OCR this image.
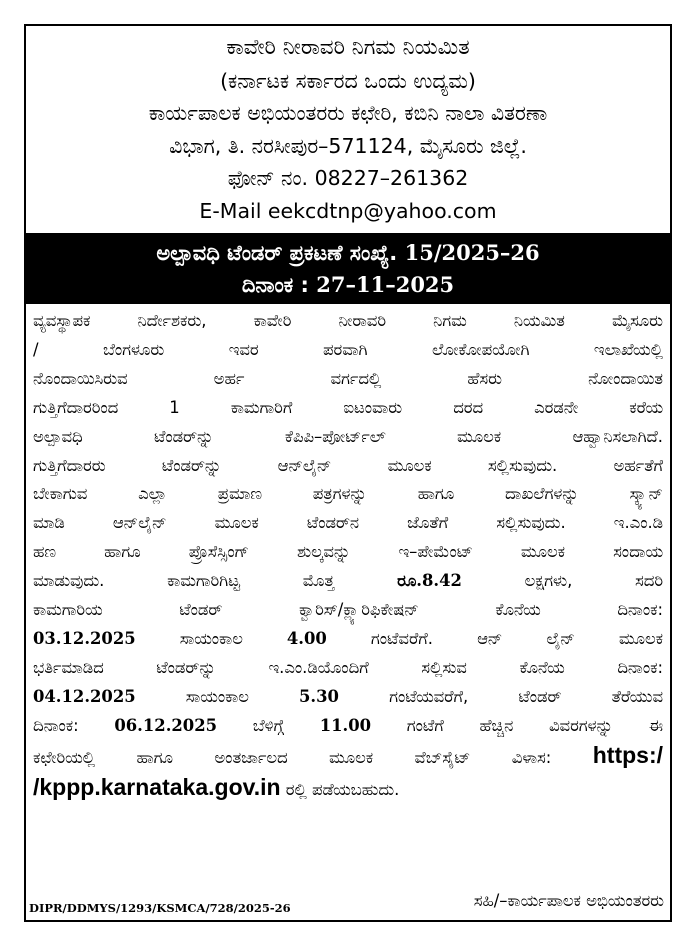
ಕಾವೇರಿ ನೀರಾವರಿ ನಿಗಮ ನಿಯಮಿತ
(ಕರ್ನಾಟಕ ಸರ್ಕಾರದ ಒಂದು ಉದ್ಯಮ)
ಕಾರ್ಯಪಾಲಕ ಅಭಿಯಂತರರು ಕಛೇರಿ, ಕಬಿನಿ ನಾಲಾ ವಿತರಣಾ
ವಿಭಾಗ, ತಿ. ನರಸೀಪುರ–571124, ಮೈಸೂರು ಜಿಲ್ಲೆ.
ಫೋನ್ ನಂ. 08227–261362
E-Mail eekcdtnp@yahoo.com
ಅಲ್ಪಾವಧಿ ಟೆಂಡರ್ ಪ್ರಕಟಣೆ ಸಂಖ್ಯೆ. 15/2025–26
ದಿನಾಂಕ : 27–11–2025

ವ್ಯವಸ್ಥಾಪಕ ನಿರ್ದೇಶಕರು, ಕಾವೇರಿ ನೀರಾವರಿ ನಿಗಮ ನಿಯಮಿತ ಮೈಸೂರು

/ ಬೆಂಗಳೂರು ಇವರ ಪರವಾಗಿ ಲೋಕೋಪಯೋಗಿ ಇಲಾಖೆಯಲ್ಲಿ

ನೊಂದಾಯಿಸಿರುವ ಅರ್ಹ ವರ್ಗದಲ್ಲಿ ಹೆಸರು ನೋಂದಾಯಿತ

ಗುತ್ತಿಗೆದಾರರಿಂದ 1 ಕಾಮಗಾರಿಗೆ ಐಟಂವಾರು ದರದ ಎರಡನೇ ಕರೆಯ

ಅಲ್ಪಾವಧಿ ಟೆಂಡರ್‌ನ್ನು ಕೆಪಿಪಿ–ಪೋರ್ಟ್‌ಲ್ ಮೂಲಕ ಆಹ್ವಾನಿಸಲಾಗಿದೆ.

ಗುತ್ತಿಗೆದಾರರು ಟೆಂಡರ್‌ನ್ನು ಆನ್‌ಲೈನ್ ಮೂಲಕ ಸಲ್ಲಿಸುವುದು. ಅರ್ಹತೆಗೆ

ಬೇಕಾಗುವ ಎಲ್ಲಾ ಪ್ರಮಾಣ ಪತ್ರಗಳನ್ನು ಹಾಗೂ ದಾಖಲೆಗಳನ್ನು ಸ್ಕ್ಯಾನ್

ಮಾಡಿ ಆನ್‌ಲೈನ್ ಮೂಲಕ ಟೆಂಡರ್‌ನ ಜೊತೆಗೆ ಸಲ್ಲಿಸುವುದು. ಇ.ಎಂ.ಡಿ

ಹಣ ಹಾಗೂ ಪ್ರೊಸೆಸ್ಸಿಂಗ್ ಶುಲ್ಕವನ್ನು ಇ–ಪೇಮೆಂಟ್ ಮೂಲಕ ಸಂದಾಯ

ಮಾಡುವುದು. ಕಾಮಗಾರಿಗಿಟ್ಟ ಮೊತ್ತ	ರೂ.8.42	ಲಕ್ಷಗಳು, ಸದರಿ

ಕಾಮಗಾರಿಯ ಟೆಂಡರ್ ಕ್ವಾರಿಸ್/ಕ್ಲ್ಯಾರಿಫಿಕೇಷನ್ ಕೊನೆಯ ದಿನಾಂಕ:

03.12.2025	ಸಾಯಂಕಾಲ	4.00	ಗಂಟೆವರೆಗೆ. ಆನ್ ಲೈನ್ ಮೂಲಕ

ಭರ್ತಿಮಾಡಿದ ಟೆಂಡರ್‌ನ್ನು ಇ.ಎಂ.ಡಿಯೊಂದಿಗೆ ಸಲ್ಲಿಸುವ ಕೊನೆಯ ದಿನಾಂಕ:

04.12.2025	ಸಾಯಂಕಾಲ	5.30	ಗಂಟೆಯವರೆಗೆ, ಟೆಂಡರ್ ತೆರೆಯುವ

ದಿನಾಂಕ: 06.12.2025 ಬೆಳಿಗ್ಗೆ 11.00 ಗಂಟೆಗೆ ಹೆಚ್ಚಿನ ವಿವರಗಳನ್ನು ಈ

ಕಛೇರಿಯಲ್ಲಿ ಹಾಗೂ ಅಂತರ್ಜಾಲದ ಮೂಲಕ ವೆಬ್‌ಸೈಟ್ ವಿಳಾಸ: https:/

/kppp.karnataka.gov.in ರಲ್ಲಿ ಪಡೆಯಬಹುದು.

ಸಹಿ/–ಕಾರ್ಯಪಾಲಕ ಅಭಿಯಂತರರು
DIPR/DDMYS/1293/KSMCA/728/2025-26
